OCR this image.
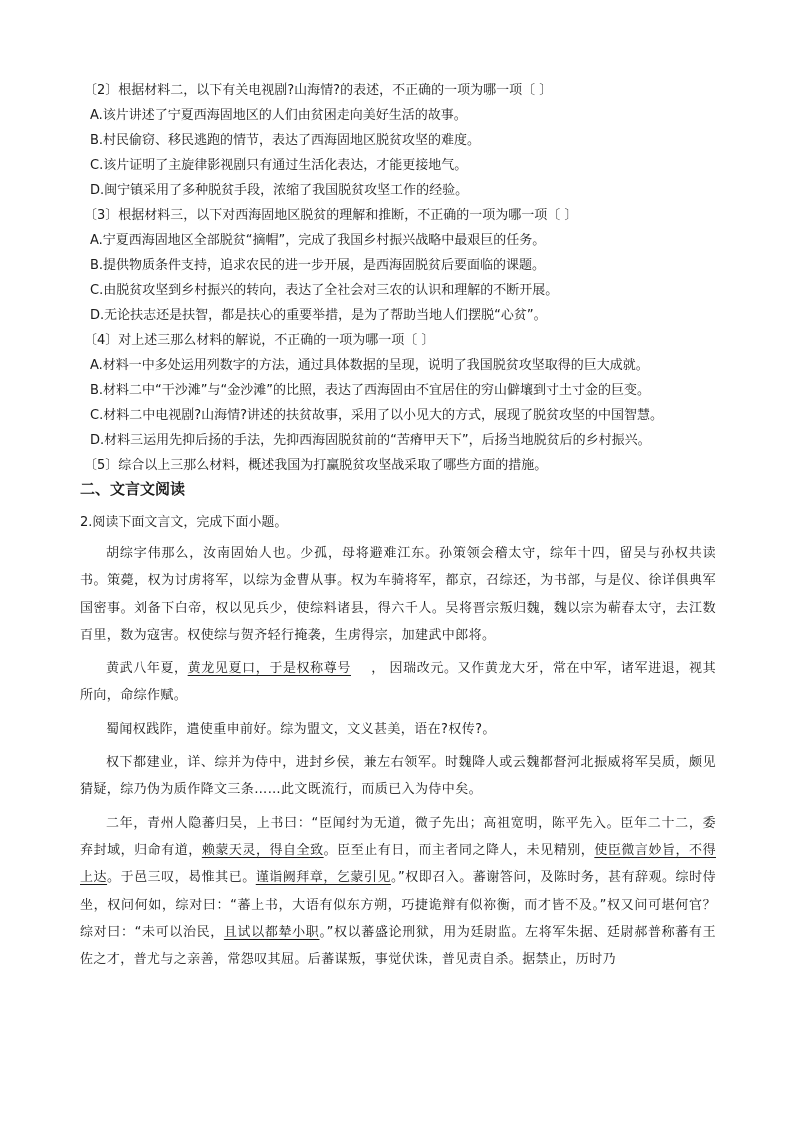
〔2〕根据材料二，以下有关电视剧?山海情?的表述，不正确的一项为哪一项〔 〕

A.该片讲述了宁夏西海固地区的人们由贫困走向美好生活的故事。

B.村民偷窃、移民逃跑的情节，表达了西海固地区脱贫攻坚的难度。

C.该片证明了主旋律影视剧只有通过生活化表达，才能更接地气。

D.闽宁镇采用了多种脱贫手段，浓缩了我国脱贫攻坚工作的经验。

〔3〕根据材料三，以下对西海固地区脱贫的理解和推断，不正确的一项为哪一项〔 〕

A.宁夏西海固地区全部脱贫“摘帽”，完成了我国乡村振兴战略中最艰巨的任务。

B.提供物质条件支持，追求农民的进一步开展，是西海固脱贫后要面临的课题。

C.由脱贫攻坚到乡村振兴的转向，表达了全社会对三农的认识和理解的不断开展。

D.无论扶志还是扶智，都是扶心的重要举措，是为了帮助当地人们摆脱“心贫”。

〔4〕对上述三那么材料的解说，不正确的一项为哪一项〔 〕

A.材料一中多处运用列数字的方法，通过具体数据的呈现，说明了我国脱贫攻坚取得的巨大成就。

B.材料二中“干沙滩”与“金沙滩”的比照，表达了西海固由不宜居住的穷山僻壤到寸土寸金的巨变。

C.材料二中电视剧?山海情?讲述的扶贫故事，采用了以小见大的方式，展现了脱贫攻坚的中国智慧。

D.材料三运用先抑后扬的手法，先抑西海固脱贫前的“苦瘠甲天下”，后扬当地脱贫后的乡村振兴。

〔5〕综合以上三那么材料，概述我国为打赢脱贫攻坚战采取了哪些方面的措施。

二、文言文阅读

2.阅读下面文言文，完成下面小题。

胡综字伟那么，汝南固始人也。少孤，母将避难江东。孙策领会稽太守，综年十四，留吴与孙权共读书。策薨，权为讨虏将军，以综为金曹从事。权为车骑将军，都京，召综还，为书部，与是仪、徐详俱典军国密事。刘备下白帝，权以见兵少，使综料诸县，得六千人。吴将晋宗叛归魏，魏以宗为蕲春太守，去江数百里，数为寇害。权使综与贺齐轻行掩袭，生虏得宗，加建武中郎将。

黄武八年夏，黄龙见夏口，于是权称尊号 ， 因瑞改元。又作黄龙大牙，常在中军，诸军进退，视其所向，命综作赋。

蜀闻权践阼，遣使重申前好。综为盟文，文义甚美，语在?权传?。

权下都建业，详、综并为侍中，进封乡侯，兼左右领军。时魏降人或云魏都督河北振威将军吴质，颇见猜疑，综乃伪为质作降文三条……此文既流行，而质已入为侍中矣。

二年，青州人隐蕃归吴，上书曰：“臣闻纣为无道，微子先出；高祖宽明，陈平先入。臣年二十二，委弃封域，归命有道，赖蒙天灵，得自全致。臣至止有日，而主者同之降人，未见精别，使臣微言妙旨，不得上达。于邑三叹，曷惟其已。谨诣阙拜章，乞蒙引见。”权即召入。蕃谢答问，及陈时务，甚有辞观。综时侍坐，权问何如，综对曰：“蕃上书，大语有似东方朔，巧捷诡辩有似祢衡，而才皆不及。”权又问可堪何官？综对曰：“未可以治民，且试以都辇小职。”权以蕃盛论刑狱，用为廷尉监。左将军朱据、廷尉郝普称蕃有王佐之才，普尤与之亲善，常怨叹其屈。后蕃谋叛，事觉伏诛，普见责自杀。据禁止，历时乃
